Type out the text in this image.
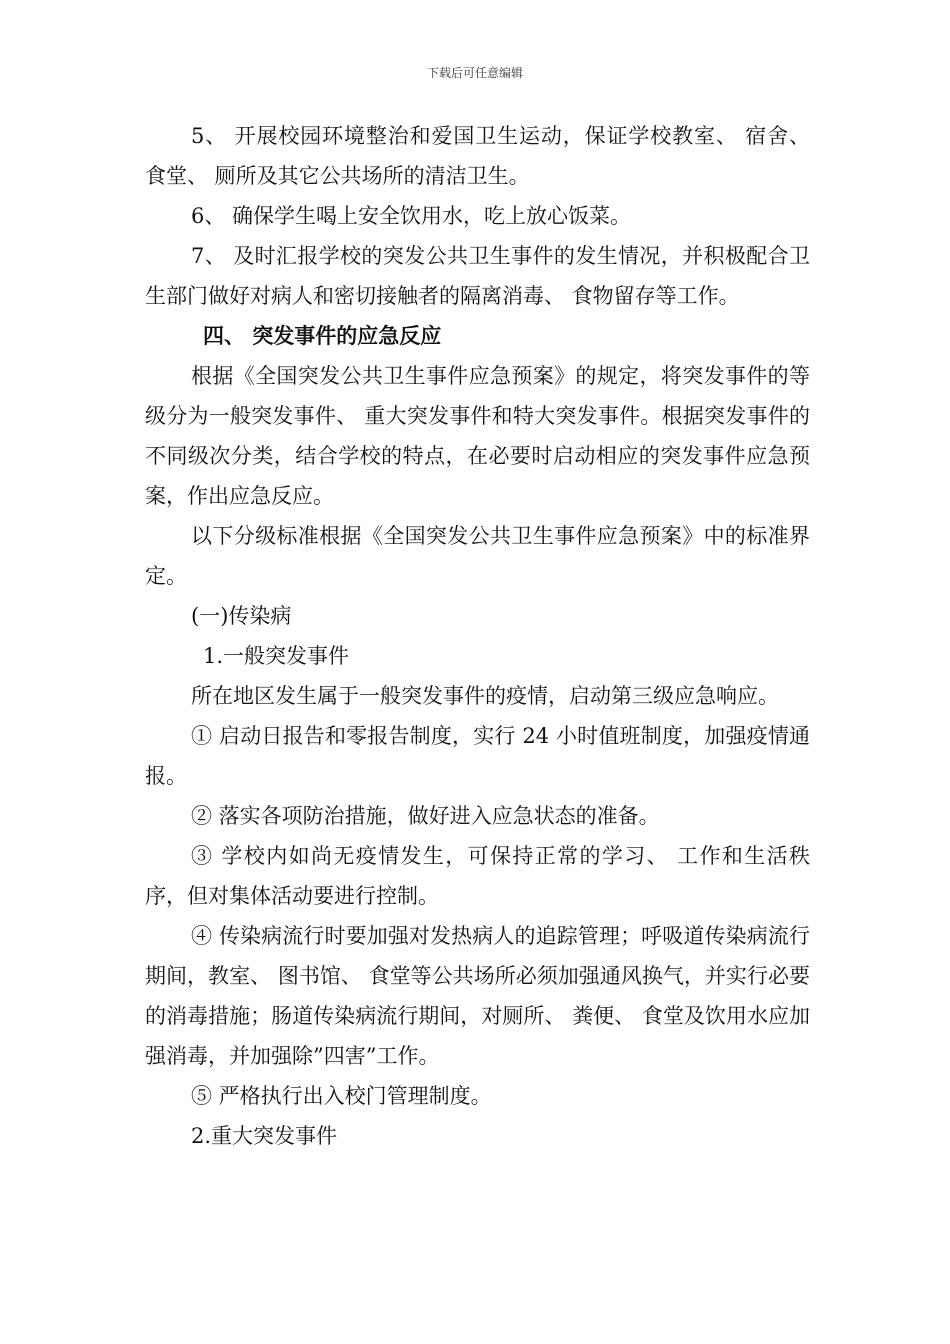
下载后可任意编辑

5、 开展校园环境整治和爱国卫生运动，保证学校教室、 宿舍、 食堂、 厕所及其它公共场所的清洁卫生。

6、 确保学生喝上安全饮用水，吃上放心饭菜。

7、 及时汇报学校的突发公共卫生事件的发生情况，并积极配合卫生部门做好对病人和密切接触者的隔离消毒、 食物留存等工作。

四、 突发事件的应急反应

根据《全国突发公共卫生事件应急预案》的规定，将突发事件的等级分为一般突发事件、 重大突发事件和特大突发事件。根据突发事件的不同级次分类，结合学校的特点，在必要时启动相应的突发事件应急预案，作出应急反应。

以下分级标准根据《全国突发公共卫生事件应急预案》中的标准界定。

(一)传染病

1.一般突发事件

所在地区发生属于一般突发事件的疫情，启动第三级应急响应。

① 启动日报告和零报告制度，实行 24 小时值班制度，加强疫情通报。

② 落实各项防治措施，做好进入应急状态的准备。

③ 学校内如尚无疫情发生，可保持正常的学习、 工作和生活秩序，但对集体活动要进行控制。

④ 传染病流行时要加强对发热病人的追踪管理；呼吸道传染病流行期间，教室、 图书馆、 食堂等公共场所必须加强通风换气，并实行必要的消毒措施；肠道传染病流行期间，对厕所、 粪便、 食堂及饮用水应加强消毒，并加强除”四害”工作。

⑤ 严格执行出入校门管理制度。

2.重大突发事件
